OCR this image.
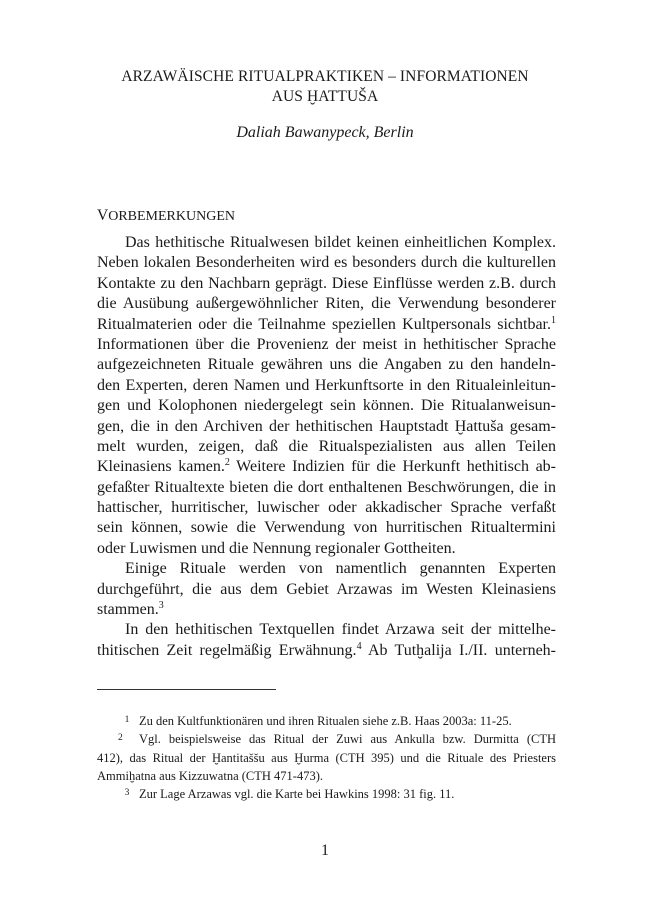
ARZAWÄISCHE RITUALPRAKTIKEN – INFORMATIONEN
AUS ḪATTUŠA
Daliah Bawanypeck, Berlin
VORBEMERKUNGEN
Das hethitische Ritualwesen bildet keinen einheitlichen Komplex.
Neben lokalen Besonderheiten wird es besonders durch die kulturellen
Kontakte zu den Nachbarn geprägt. Diese Einflüsse werden z.B. durch
die Ausübung außergewöhnlicher Riten, die Verwendung besonderer
Ritualmaterien oder die Teilnahme speziellen Kultpersonals sichtbar.$^1$
Informationen über die Provenienz der meist in hethitischer Sprache
aufgezeichneten Rituale gewähren uns die Angaben zu den handeln-
den Experten, deren Namen und Herkunftsorte in den Ritualeinleitun-
gen und Kolophonen niedergelegt sein können. Die Ritualanweisun-
gen, die in den Archiven der hethitischen Hauptstadt Ḫattuša gesam-
melt wurden, zeigen, daß die Ritualspezialisten aus allen Teilen
Kleinasiens kamen.$^2$ Weitere Indizien für die Herkunft hethitisch ab-
gefaßter Ritualtexte bieten die dort enthaltenen Beschwörungen, die in
hattischer, hurritischer, luwischer oder akkadischer Sprache verfaßt
sein können, sowie die Verwendung von hurritischen Ritualtermini
oder Luwismen und die Nennung regionaler Gottheiten.
Einige Rituale werden von namentlich genannten Experten
durchgeführt, die aus dem Gebiet Arzawas im Westen Kleinasiens
stammen.$^3$
In den hethitischen Textquellen findet Arzawa seit der mittelhe-
thitischen Zeit regelmäßig Erwähnung.$^4$ Ab Tutḫalija I./II. unterneh-
1 Zu den Kultfunktionären und ihren Ritualen siehe z.B. Haas 2003a: 11-25.
2 Vgl. beispielsweise das Ritual der Zuwi aus Ankulla bzw. Durmitta (CTH
412), das Ritual der Ḫantitaššu aus Ḫurma (CTH 395) und die Rituale des Priesters
Ammiḫatna aus Kizzuwatna (CTH 471-473).
3 Zur Lage Arzawas vgl. die Karte bei Hawkins 1998: 31 fig. 11.
1
